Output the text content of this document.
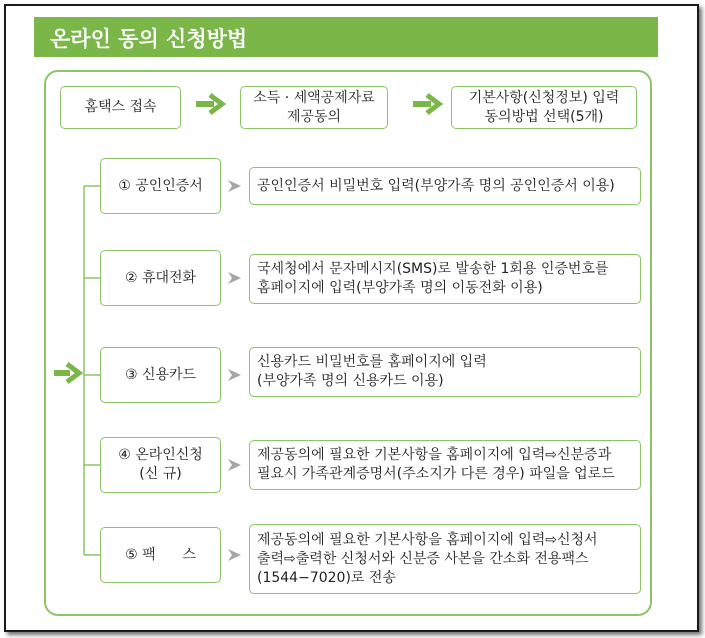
온라인 동의 신청방법
홈택스 접속
소득 · 세액공제자료
제공동의
기본사항(신청정보) 입력
동의방법 선택(5개)
① 공인인증서
② 휴대전화
③ 신용카드
④ 온라인신청
(신 규)
⑤ 팩      스
공인인증서 비밀번호 입력(부양가족 명의 공인인증서 이용)
국세청에서 문자메시지(SMS)로 발송한 1회용 인증번호를
홈페이지에 입력(부양가족 명의 이동전화 이용)
신용카드 비밀번호를 홈페이지에 입력
(부양가족 명의 신용카드 이용)
제공동의에 필요한 기본사항을 홈페이지에 입력⇨신분증과
필요시 가족관계증명서(주소지가 다른 경우) 파일을 업로드
제공동의에 필요한 기본사항을 홈페이지에 입력⇨신청서
출력⇨출력한 신청서와 신분증 사본을 간소화 전용팩스
(1544−7020)로 전송
